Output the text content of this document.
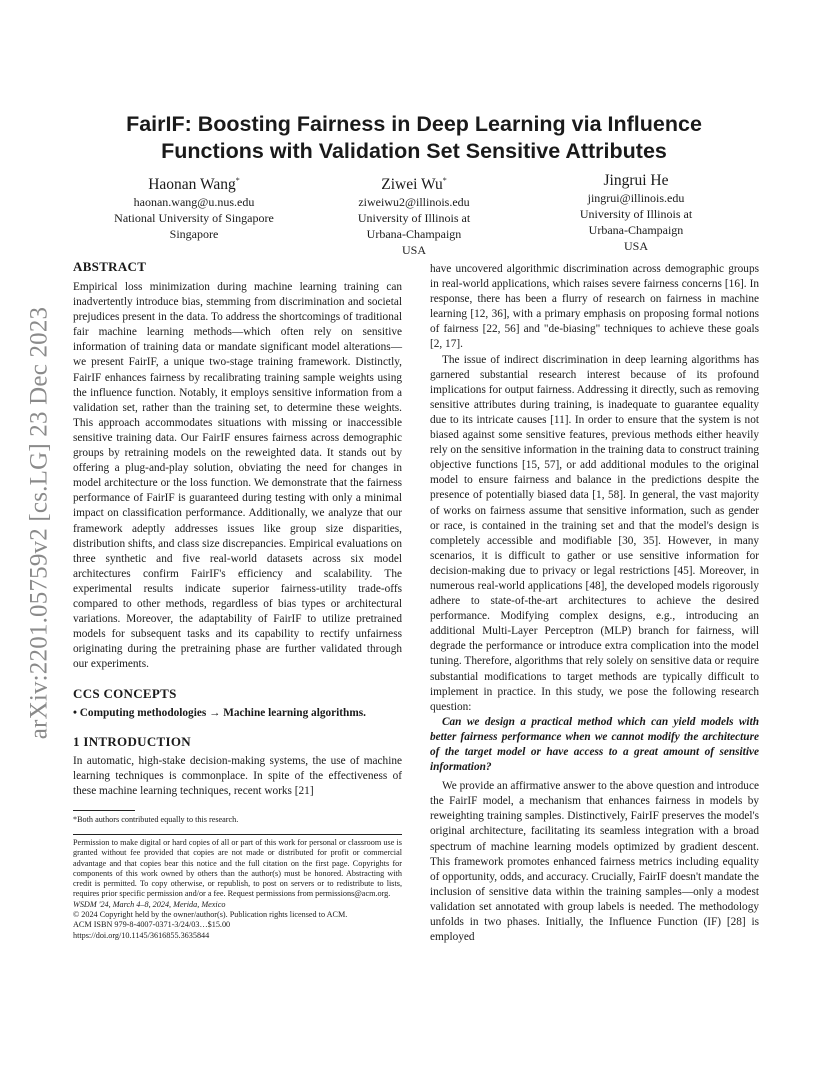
arXiv:2201.05759v2 [cs.LG] 23 Dec 2023
FairIF: Boosting Fairness in Deep Learning via Influence Functions with Validation Set Sensitive Attributes
Haonan Wang*
haonan.wang@u.nus.edu
National University of Singapore
Singapore
Ziwei Wu*
ziweiwu2@illinois.edu
University of Illinois at
Urbana-Champaign
USA
Jingrui He
jingrui@illinois.edu
University of Illinois at
Urbana-Champaign
USA
ABSTRACT

Empirical loss minimization during machine learning training can inadvertently introduce bias, stemming from discrimination and societal prejudices present in the data. To address the shortcomings of traditional fair machine learning methods—which often rely on sensitive information of training data or mandate significant model alterations—we present FairIF, a unique two-stage training framework. Distinctly, FairIF enhances fairness by recalibrating training sample weights using the influence function. Notably, it employs sensitive information from a validation set, rather than the training set, to determine these weights. This approach accommodates situations with missing or inaccessible sensitive training data. Our FairIF ensures fairness across demographic groups by retraining models on the reweighted data. It stands out by offering a plug-and-play solution, obviating the need for changes in model architecture or the loss function. We demonstrate that the fairness performance of FairIF is guaranteed during testing with only a minimal impact on classification performance. Additionally, we analyze that our framework adeptly addresses issues like group size disparities, distribution shifts, and class size discrepancies. Empirical evaluations on three synthetic and five real-world datasets across six model architectures confirm FairIF's efficiency and scalability. The experimental results indicate superior fairness-utility trade-offs compared to other methods, regardless of bias types or architectural variations. Moreover, the adaptability of FairIF to utilize pretrained models for subsequent tasks and its capability to rectify unfairness originating during the pretraining phase are further validated through our experiments.

CCS CONCEPTS

• Computing methodologies → Machine learning algorithms.

1 INTRODUCTION

In automatic, high-stake decision-making systems, the use of machine learning techniques is commonplace. In spite of the effectiveness of these machine learning techniques, recent works [21]

*Both authors contributed equally to this research.

Permission to make digital or hard copies of all or part of this work for personal or classroom use is granted without fee provided that copies are not made or distributed for profit or commercial advantage and that copies bear this notice and the full citation on the first page. Copyrights for components of this work owned by others than the author(s) must be honored. Abstracting with credit is permitted. To copy otherwise, or republish, to post on servers or to redistribute to lists, requires prior specific permission and/or a fee. Request permissions from permissions@acm.org.

WSDM '24, March 4–8, 2024, Merida, Mexico

© 2024 Copyright held by the owner/author(s). Publication rights licensed to ACM.

ACM ISBN 979-8-4007-0371-3/24/03…$15.00

https://doi.org/10.1145/3616855.3635844

have uncovered algorithmic discrimination across demographic groups in real-world applications, which raises severe fairness concerns [16]. In response, there has been a flurry of research on fairness in machine learning [12, 36], with a primary emphasis on proposing formal notions of fairness [22, 56] and "de-biasing" techniques to achieve these goals [2, 17].

The issue of indirect discrimination in deep learning algorithms has garnered substantial research interest because of its profound implications for output fairness. Addressing it directly, such as removing sensitive attributes during training, is inadequate to guarantee equality due to its intricate causes [11]. In order to ensure that the system is not biased against some sensitive features, previous methods either heavily rely on the sensitive information in the training data to construct training objective functions [15, 57], or add additional modules to the original model to ensure fairness and balance in the predictions despite the presence of potentially biased data [1, 58]. In general, the vast majority of works on fairness assume that sensitive information, such as gender or race, is contained in the training set and that the model's design is completely accessible and modifiable [30, 35]. However, in many scenarios, it is difficult to gather or use sensitive information for decision-making due to privacy or legal restrictions [45]. Moreover, in numerous real-world applications [48], the developed models rigorously adhere to state-of-the-art architectures to achieve the desired performance. Modifying complex designs, e.g., introducing an additional Multi-Layer Perceptron (MLP) branch for fairness, will degrade the performance or introduce extra complication into the model tuning. Therefore, algorithms that rely solely on sensitive data or require substantial modifications to target methods are typically difficult to implement in practice. In this study, we pose the following research question:

Can we design a practical method which can yield models with better fairness performance when we cannot modify the architecture of the target model or have access to a great amount of sensitive information?

We provide an affirmative answer to the above question and introduce the FairIF model, a mechanism that enhances fairness in models by reweighting training samples. Distinctively, FairIF preserves the model's original architecture, facilitating its seamless integration with a broad spectrum of machine learning models optimized by gradient descent. This framework promotes enhanced fairness metrics including equality of opportunity, odds, and accuracy. Crucially, FairIF doesn't mandate the inclusion of sensitive data within the training samples—only a modest validation set annotated with group labels is needed. The methodology unfolds in two phases. Initially, the Influence Function (IF) [28] is employed
